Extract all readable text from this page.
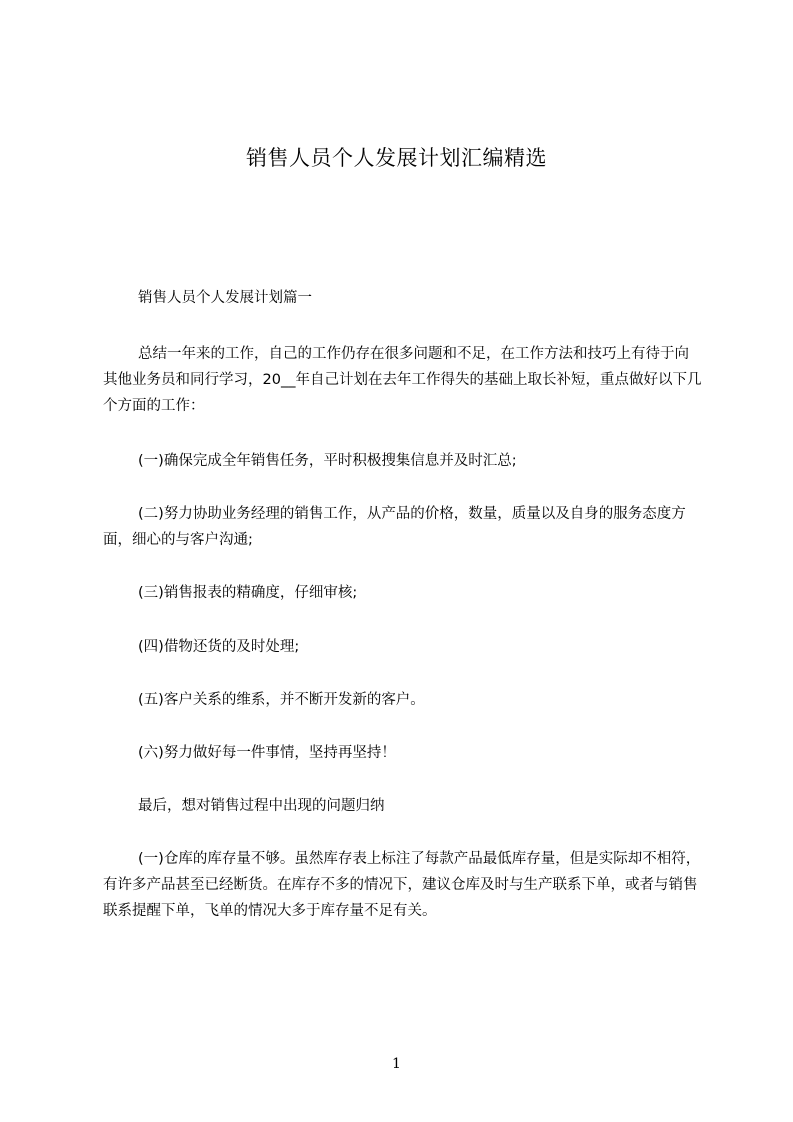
销售人员个人发展计划汇编精选

销售人员个人发展计划篇一

总结一年来的工作，自己的工作仍存在很多问题和不足，在工作方法和技巧上有待于向其他业务员和同行学习，20__年自己计划在去年工作得失的基础上取长补短，重点做好以下几个方面的工作：

(一)确保完成全年销售任务，平时积极搜集信息并及时汇总;

(二)努力协助业务经理的销售工作，从产品的价格，数量，质量以及自身的服务态度方面，细心的与客户沟通;

(三)销售报表的精确度，仔细审核;

(四)借物还货的及时处理;

(五)客户关系的维系，并不断开发新的客户。

(六)努力做好每一件事情，坚持再坚持！

最后，想对销售过程中出现的问题归纳

(一)仓库的库存量不够。虽然库存表上标注了每款产品最低库存量，但是实际却不相符，有许多产品甚至已经断货。在库存不多的情况下，建议仓库及时与生产联系下单，或者与销售联系提醒下单，飞单的情况大多于库存量不足有关。

1
